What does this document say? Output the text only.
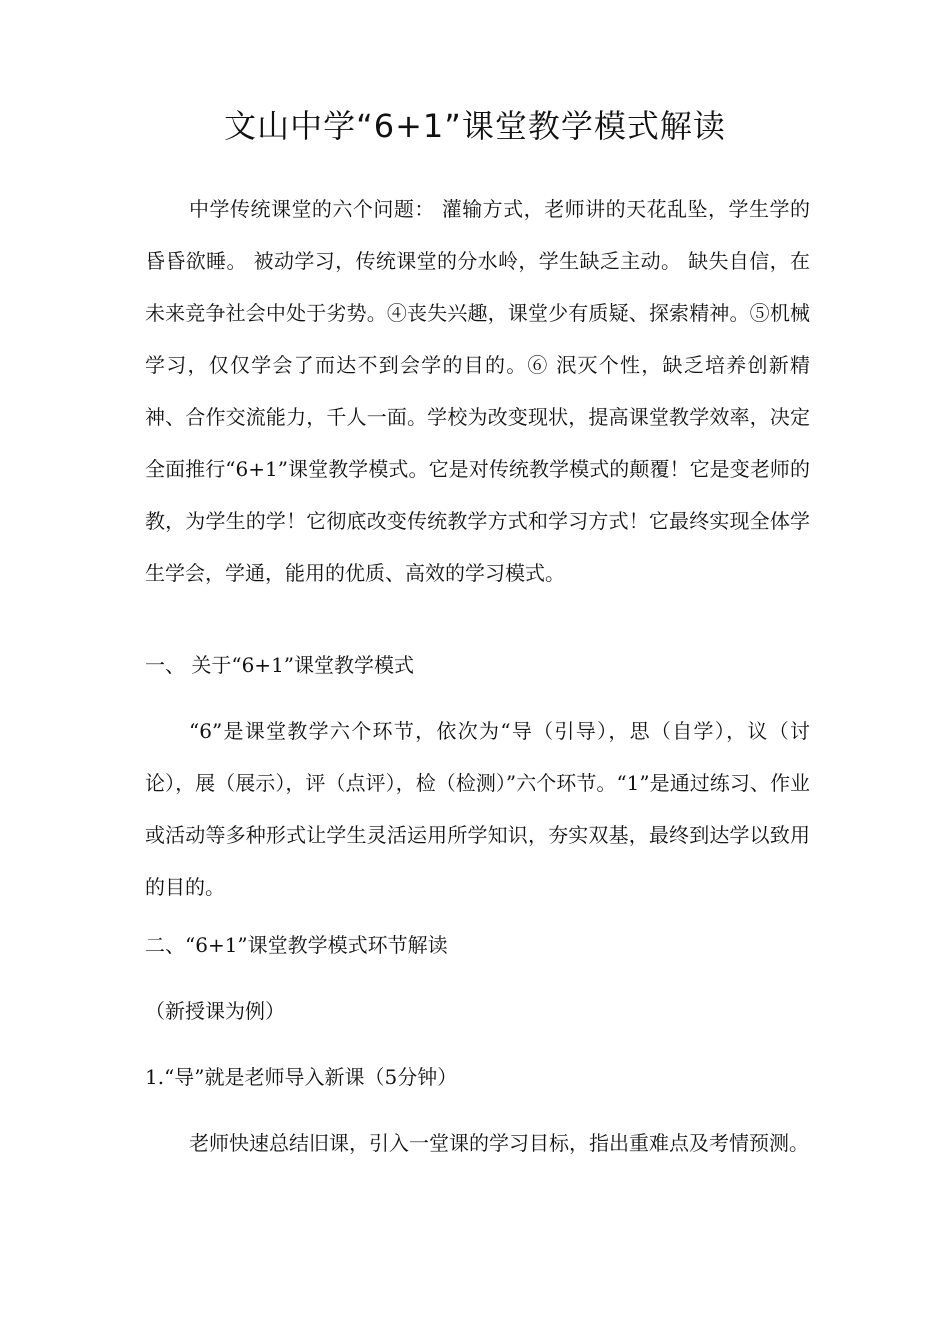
文山中学“6+1”课堂教学模式解读

中学传统课堂的六个问题： 灌输方式，老师讲的天花乱坠，学生学的昏昏欲睡。 被动学习，传统课堂的分水岭，学生缺乏主动。 缺失自信，在未来竞争社会中处于劣势。④丧失兴趣，课堂少有质疑、探索精神。⑤机械学习，仅仅学会了而达不到会学的目的。⑥ 泯灭个性，缺乏培养创新精神、合作交流能力，千人一面。学校为改变现状，提高课堂教学效率，决定全面推行“6+1”课堂教学模式。它是对传统教学模式的颠覆！它是变老师的教，为学生的学！它彻底改变传统教学方式和学习方式！它最终实现全体学生学会，学通，能用的优质、高效的学习模式。

一、 关于“6+1”课堂教学模式

“6”是课堂教学六个环节，依次为“导（引导），思（自学），议（讨论），展（展示），评（点评），检（检测）”六个环节。“1”是通过练习、作业或活动等多种形式让学生灵活运用所学知识，夯实双基，最终到达学以致用的目的。

二、“6+1”课堂教学模式环节解读
（新授课为例）
1.“导”就是老师导入新课（5分钟）

老师快速总结旧课，引入一堂课的学习目标，指出重难点及考情预测。
